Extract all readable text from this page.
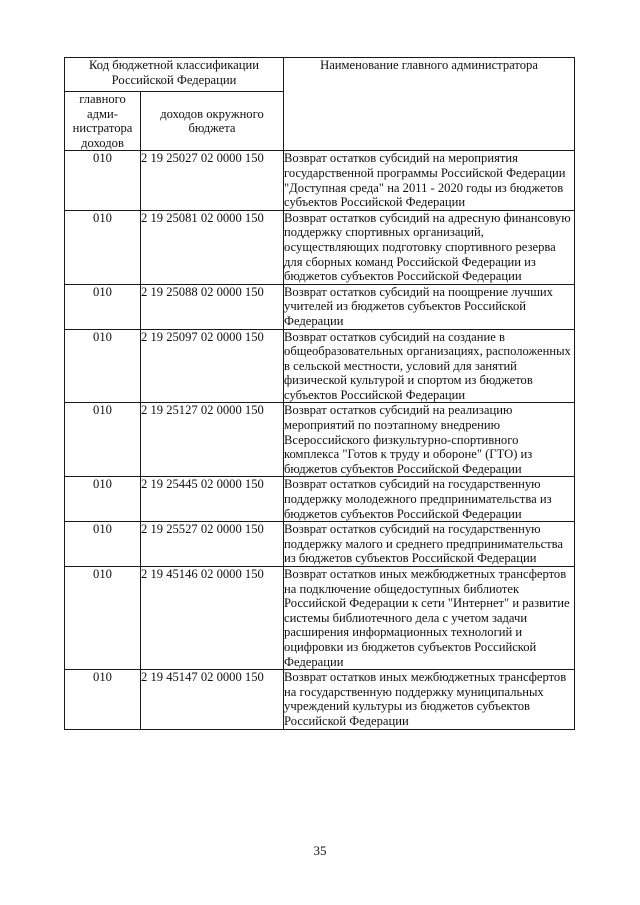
Код бюджетной классификации Российской Федерации		Наименование главного администратора
главного адми-нистратора доходов	доходов окружного бюджета	
010	2 19 25027 02 0000 150	Возврат остатков субсидий на мероприятия государственной программы Российской Федерации "Доступная среда" на 2011 - 2020 годы из бюджетов субъектов Российской Федерации
010	2 19 25081 02 0000 150	Возврат остатков субсидий на адресную финансовую поддержку спортивных организаций, осуществляющих подготовку спортивного резерва для сборных команд Российской Федерации из бюджетов субъектов Российской Федерации
010	2 19 25088 02 0000 150	Возврат остатков субсидий на поощрение лучших учителей из бюджетов субъектов Российской Федерации
010	2 19 25097 02 0000 150	Возврат остатков субсидий на создание в общеобразовательных организациях, расположенных в сельской местности, условий для занятий физической культурой и спортом из бюджетов субъектов Российской Федерации
010	2 19 25127 02 0000 150	Возврат остатков субсидий на реализацию мероприятий по поэтапному внедрению Всероссийского физкультурно-спортивного комплекса "Готов к труду и обороне" (ГТО) из бюджетов субъектов Российской Федерации
010	2 19 25445 02 0000 150	Возврат остатков субсидий на государственную поддержку молодежного предпринимательства из бюджетов субъектов Российской Федерации
010	2 19 25527 02 0000 150	Возврат остатков субсидий на государственную поддержку малого и среднего предпринимательства из бюджетов субъектов Российской Федерации
010	2 19 45146 02 0000 150	Возврат остатков иных межбюджетных трансфертов на подключение общедоступных библиотек Российской Федерации к сети "Интернет" и развитие системы библиотечного дела с учетом задачи расширения информационных технологий и оцифровки из бюджетов субъектов Российской Федерации
010	2 19 45147 02 0000 150	Возврат остатков иных межбюджетных трансфертов на государственную поддержку муниципальных учреждений культуры из бюджетов субъектов Российской Федерации
35
